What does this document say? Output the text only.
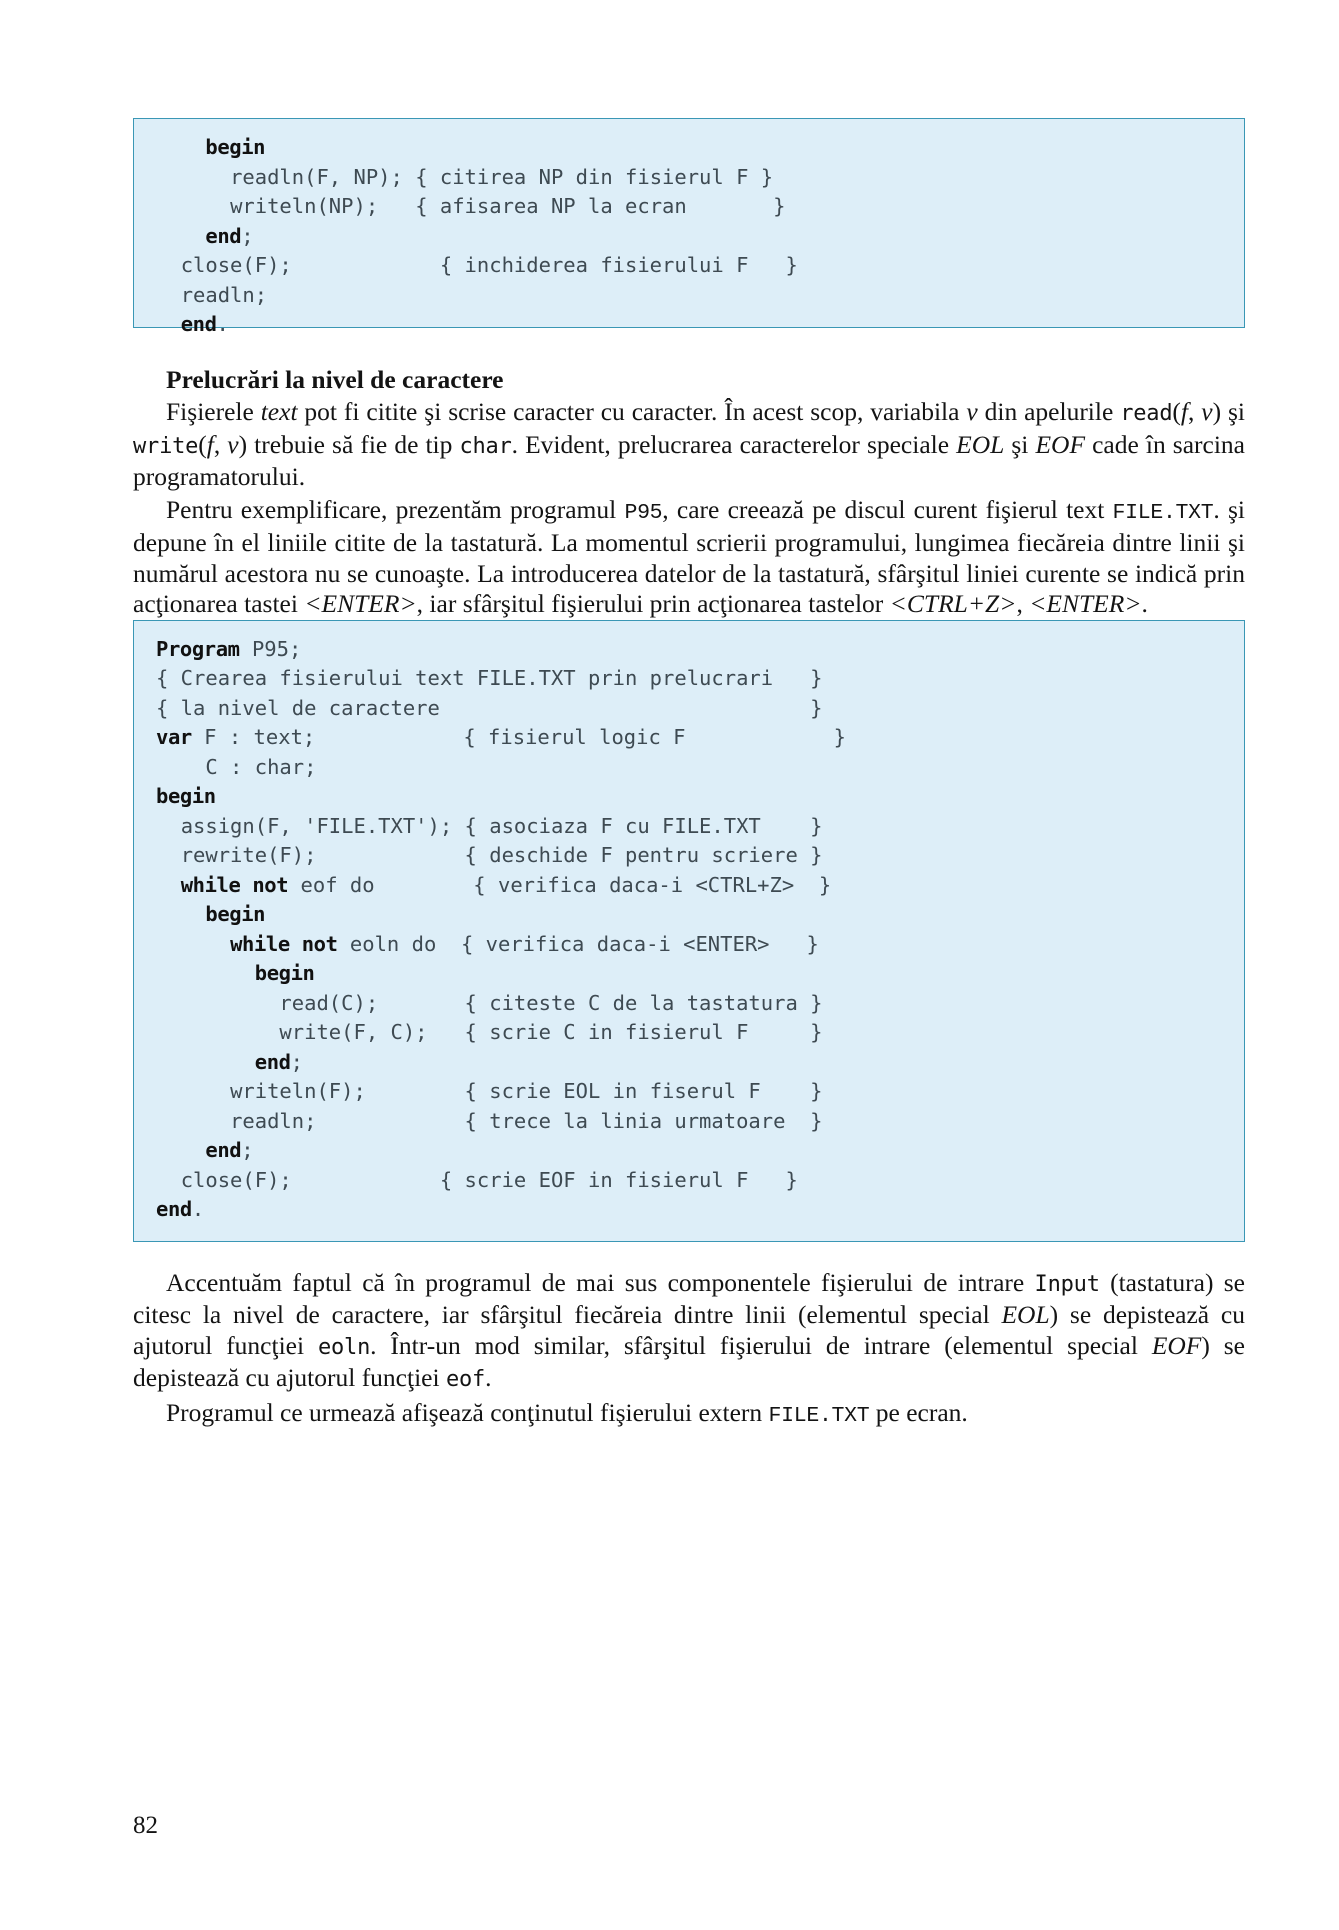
begin

readln(F, NP); { citirea NP din fisierul F }

writeln(NP);   { afisarea NP la ecran       }

end;

close(F);            { inchiderea fisierului F   }

readln;

end.

Prelucrări la nivel de caractere

Fişierele text pot fi citite şi scrise caracter cu caracter. În acest scop, variabila v din apelurile read(f, v) şi write(f, v) trebuie să fie de tip char. Evident, prelucrarea caracterelor speciale EOL şi EOF cade în sarcina programatorului.

Pentru exemplificare, prezentăm programul P95, care creează pe discul curent fişierul text FILE.TXT. şi depune în el liniile citite de la tastatură. La momentul scrierii programului, lungimea fiecăreia dintre linii şi numărul acestora nu se cunoaşte. La introducerea datelor de la tastatură, sfârşitul liniei curente se indică prin acţionarea tastei <ENTER>, iar sfârşitul fişierului prin acţionarea tastelor <CTRL+Z>, <ENTER>.

Program P95;

{ Crearea fisierului text FILE.TXT prin prelucrari   }

{ la nivel de caractere                              }

var F : text;            { fisierul logic F            }

C : char;

begin

assign(F, 'FILE.TXT'); { asociaza F cu FILE.TXT    }

rewrite(F);            { deschide F pentru scriere }

while not eof do        { verifica daca-i <CTRL+Z>  }

begin

while not eoln do  { verifica daca-i <ENTER>   }

begin

read(C);       { citeste C de la tastatura }

write(F, C);   { scrie C in fisierul F     }

end;

writeln(F);        { scrie EOL in fiserul F    }

readln;            { trece la linia urmatoare  }

end;

close(F);            { scrie EOF in fisierul F   }

end.

Accentuăm faptul că în programul de mai sus componentele fişierului de intrare Input (tastatura) se citesc la nivel de caractere, iar sfârşitul fiecăreia dintre linii (elementul special EOL) se depistează cu ajutorul funcţiei eoln. Într-un mod similar, sfârşitul fişierului de intrare (elementul special EOF) se depistează cu ajutorul funcţiei eof.

Programul ce urmează afişează conţinutul fişierului extern FILE.TXT pe ecran.

82
